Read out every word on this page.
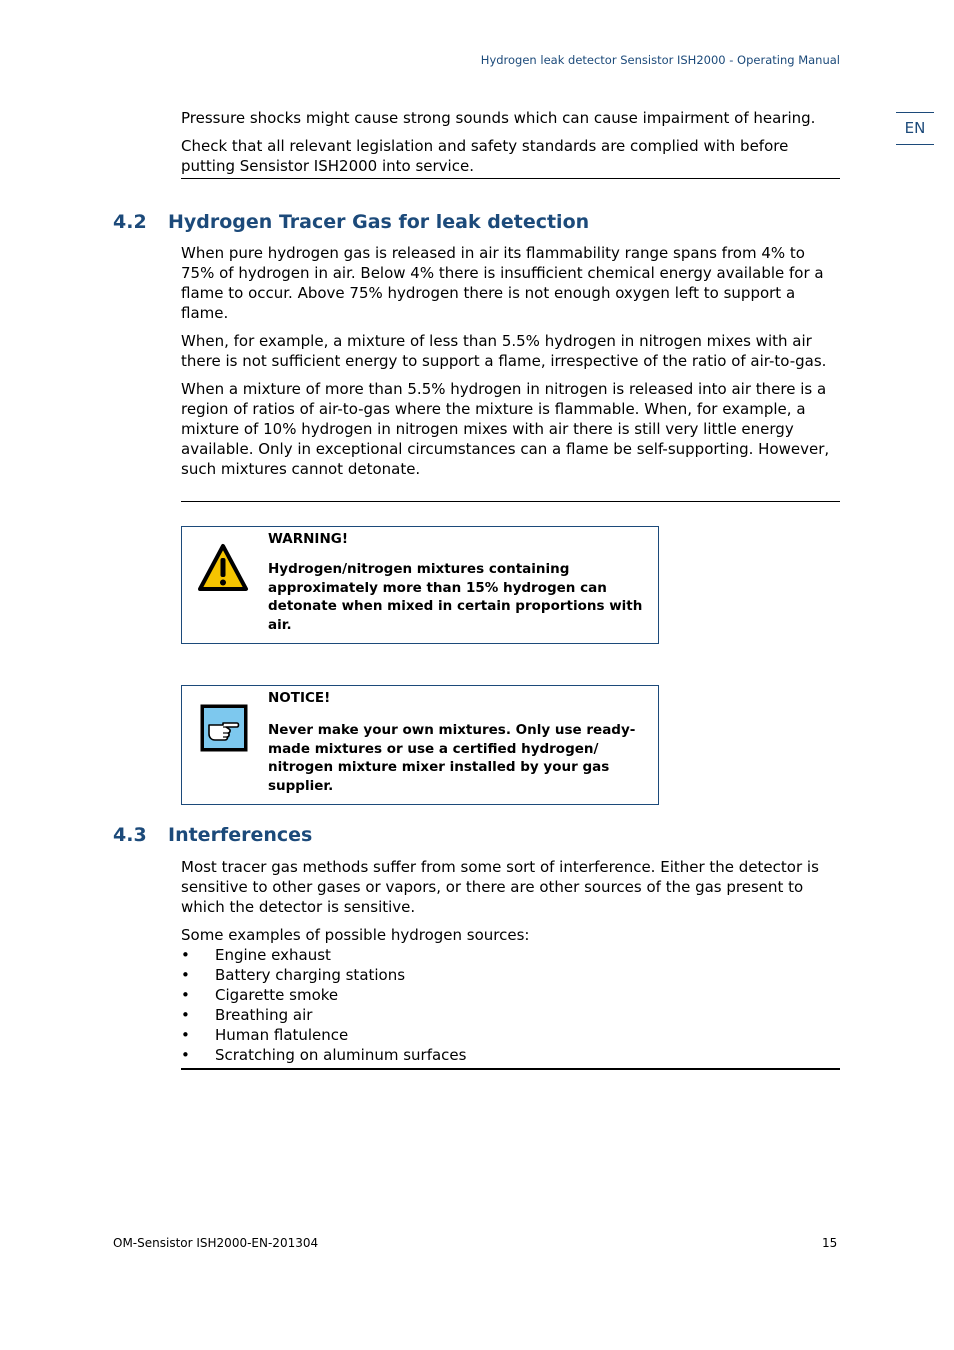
Hydrogen leak detector Sensistor ISH2000 - Operating Manual
EN

Pressure shocks might cause strong sounds which can cause impairment of hearing.

Check that all relevant legislation and safety standards are complied with before putting Sensistor ISH2000 into service.

4.2 Hydrogen Tracer Gas for leak detection

When pure hydrogen gas is released in air its flammability range spans from 4% to 75% of hydrogen in air. Below 4% there is insufficient chemical energy available for a flame to occur. Above 75% hydrogen there is not enough oxygen left to support a flame.

When, for example, a mixture of less than 5.5% hydrogen in nitrogen mixes with air there is not sufficient energy to support a flame, irrespective of the ratio of air-to-gas.

When a mixture of more than 5.5% hydrogen in nitrogen is released into air there is a region of ratios of air-to-gas where the mixture is flammable. When, for example, a mixture of 10% hydrogen in nitrogen mixes with air there is still very little energy available. Only in exceptional circumstances can a flame be self-supporting. However, such mixtures cannot detonate.

WARNING!
Hydrogen/nitrogen mixtures containing approximately more than 15% hydrogen can detonate when mixed in certain proportions with air.
NOTICE!
Never make your own mixtures. Only use ready-made mixtures or use a certified hydrogen/ nitrogen mixture mixer installed by your gas supplier.
4.3 Interferences

Most tracer gas methods suffer from some sort of interference. Either the detector is sensitive to other gases or vapors, or there are other sources of the gas present to which the detector is sensitive.

Some examples of possible hydrogen sources:

• Engine exhaust
• Battery charging stations
• Cigarette smoke
• Breathing air
• Human flatulence
• Scratching on aluminum surfaces
OM-Sensistor ISH2000-EN-201304	15
